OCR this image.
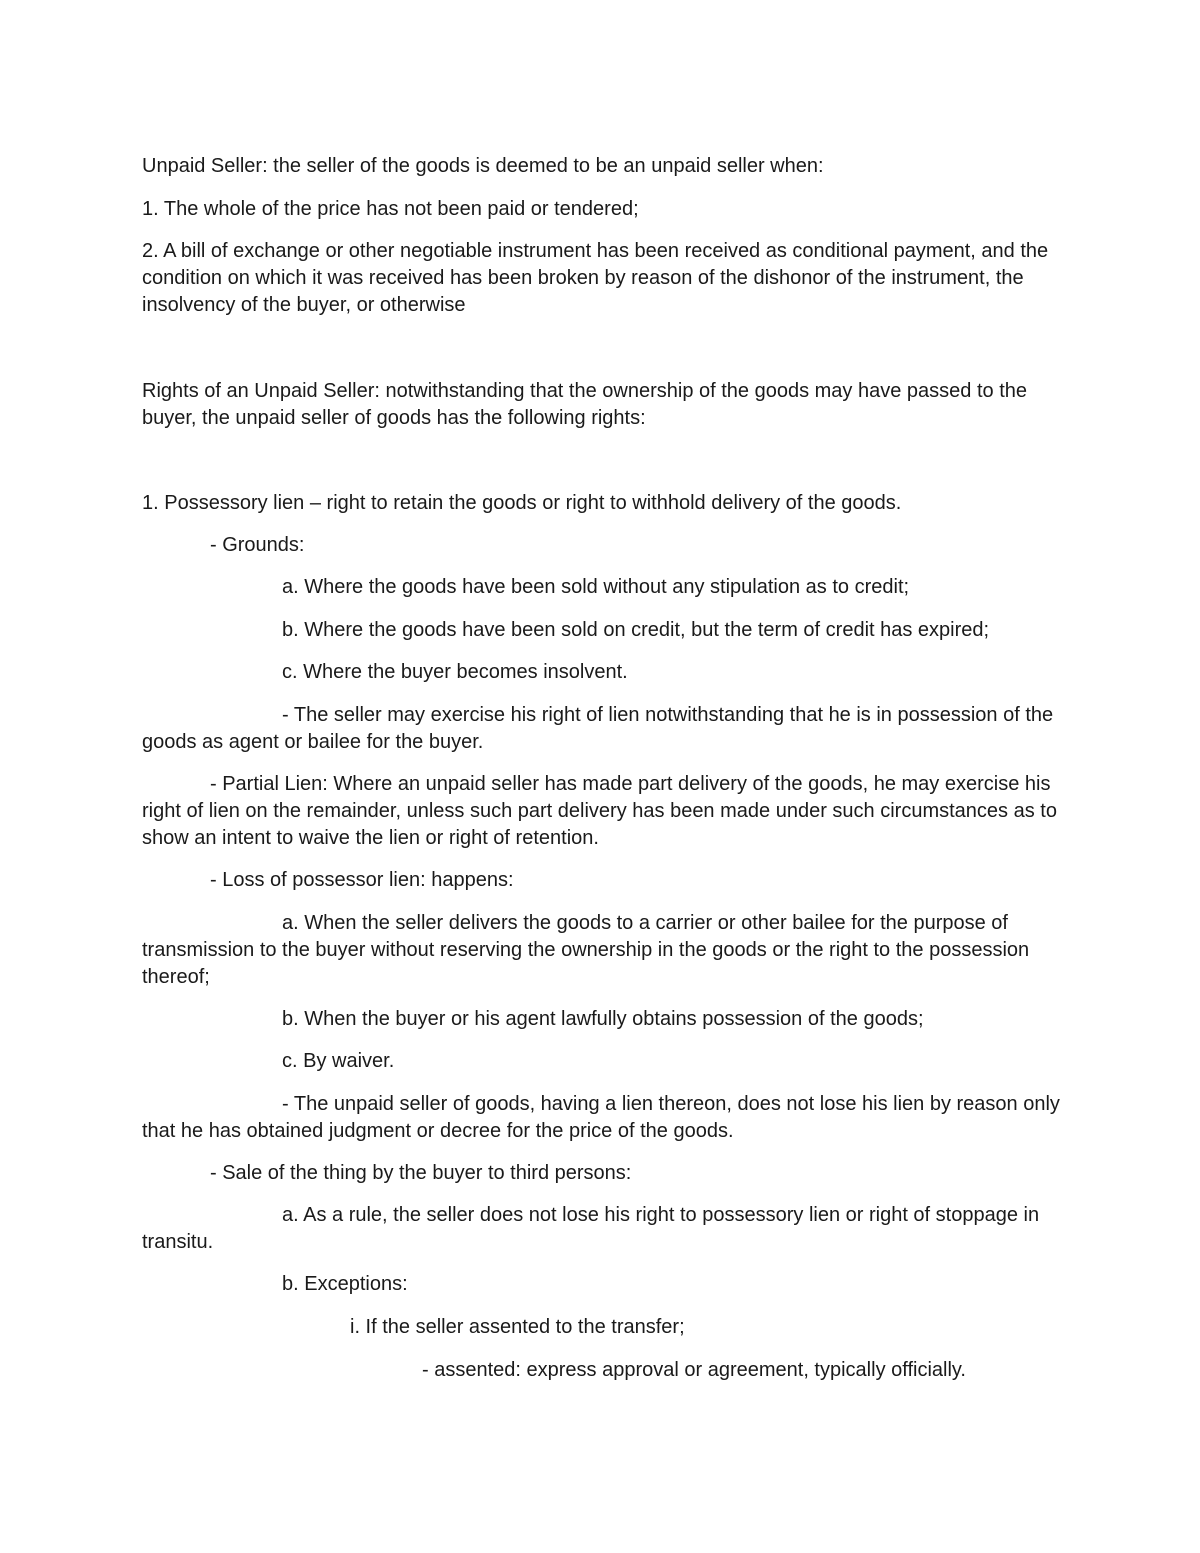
Unpaid Seller: the seller of the goods is deemed to be an unpaid seller when:

1. The whole of the price has not been paid or tendered;

2. A bill of exchange or other negotiable instrument has been received as conditional payment, and the condition on which it was received has been broken by reason of the dishonor of the instrument, the insolvency of the buyer, or otherwise

Rights of an Unpaid Seller: notwithstanding that the ownership of the goods may have passed to the buyer, the unpaid seller of goods has the following rights:

1. Possessory lien – right to retain the goods or right to withhold delivery of the goods.

- Grounds:

a. Where the goods have been sold without any stipulation as to credit;

b. Where the goods have been sold on credit, but the term of credit has expired;

c. Where the buyer becomes insolvent.

- The seller may exercise his right of lien notwithstanding that he is in possession of the goods as agent or bailee for the buyer.

- Partial Lien: Where an unpaid seller has made part delivery of the goods, he may exercise his right of lien on the remainder, unless such part delivery has been made under such circumstances as to show an intent to waive the lien or right of retention.

- Loss of possessor lien: happens:

a. When the seller delivers the goods to a carrier or other bailee for the purpose of transmission to the buyer without reserving the ownership in the goods or the right to the possession thereof;

b. When the buyer or his agent lawfully obtains possession of the goods;

c. By waiver.

- The unpaid seller of goods, having a lien thereon, does not lose his lien by reason only that he has obtained judgment or decree for the price of the goods.

- Sale of the thing by the buyer to third persons:

a. As a rule, the seller does not lose his right to possessory lien or right of stoppage in transitu.

b. Exceptions:

i. If the seller assented to the transfer;

- assented: express approval or agreement, typically officially.
